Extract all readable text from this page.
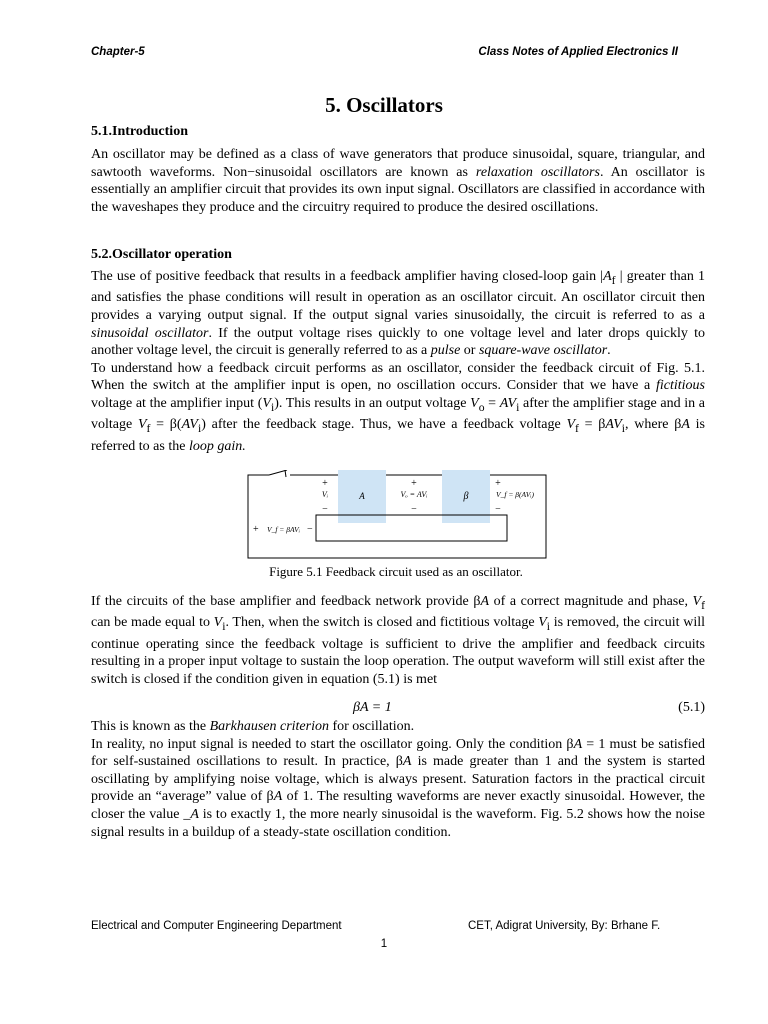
Chapter-5	Class Notes of Applied Electronics II
5. Oscillators
5.1.Introduction

An oscillator may be defined as a class of wave generators that produce sinusoidal, square, triangular, and sawtooth waveforms. Non−sinusoidal oscillators are known as relaxation oscillators. An oscillator is essentially an amplifier circuit that provides its own input signal. Oscillators are classified in accordance with the waveshapes they produce and the circuitry required to produce the desired oscillations.

5.2.Oscillator operation

The use of positive feedback that results in a feedback amplifier having closed-loop gain $|A_f$ | greater than 1 and satisfies the phase conditions will result in operation as an oscillator circuit. An oscillator circuit then provides a varying output signal. If the output signal varies sinusoidally, the circuit is referred to as a sinusoidal oscillator. If the output voltage rises quickly to one voltage level and later drops quickly to another voltage level, the circuit is generally referred to as a pulse or square-wave oscillator.

To understand how a feedback circuit performs as an oscillator, consider the feedback circuit of Fig. 5.1. When the switch at the amplifier input is open, no oscillation occurs. Consider that we have a fictitious voltage at the amplifier input $(V_i)$. This results in an output voltage $V_o = AV_i$ after the amplifier stage and in a voltage $V_f = \beta(AV_i)$ after the feedback stage. Thus, we have a feedback voltage $V_f = \beta AV_i$, where βA is referred to as the loop gain.

+
Vᵢ
−
A
+
Vₒ = AVᵢ
−
β
+
V_f = β(AVᵢ)
−
+ V_f = βAVᵢ −
Figure 5.1 Feedback circuit used as an oscillator.

If the circuits of the base amplifier and feedback network provide βA of a correct magnitude and phase, $V_f$ can be made equal to $V_i$. Then, when the switch is closed and fictitious voltage $V_i$ is removed, the circuit will continue operating since the feedback voltage is sufficient to drive the amplifier and feedback circuits resulting in a proper input voltage to sustain the loop operation. The output waveform will still exist after the switch is closed if the condition given in equation (5.1) is met

βA = 1	(5.1)

This is known as the Barkhausen criterion for oscillation.

In reality, no input signal is needed to start the oscillator going. Only the condition βA = 1 must be satisfied for self-sustained oscillations to result. In practice, βA is made greater than 1 and the system is started oscillating by amplifying noise voltage, which is always present. Saturation factors in the practical circuit provide an “average” value of βA of 1. The resulting waveforms are never exactly sinusoidal. However, the closer the value _A is to exactly 1, the more nearly sinusoidal is the waveform. Fig. 5.2 shows how the noise signal results in a buildup of a steady-state oscillation condition.

Electrical and Computer Engineering Department	CET, Adigrat University, By: Brhane F.
1
